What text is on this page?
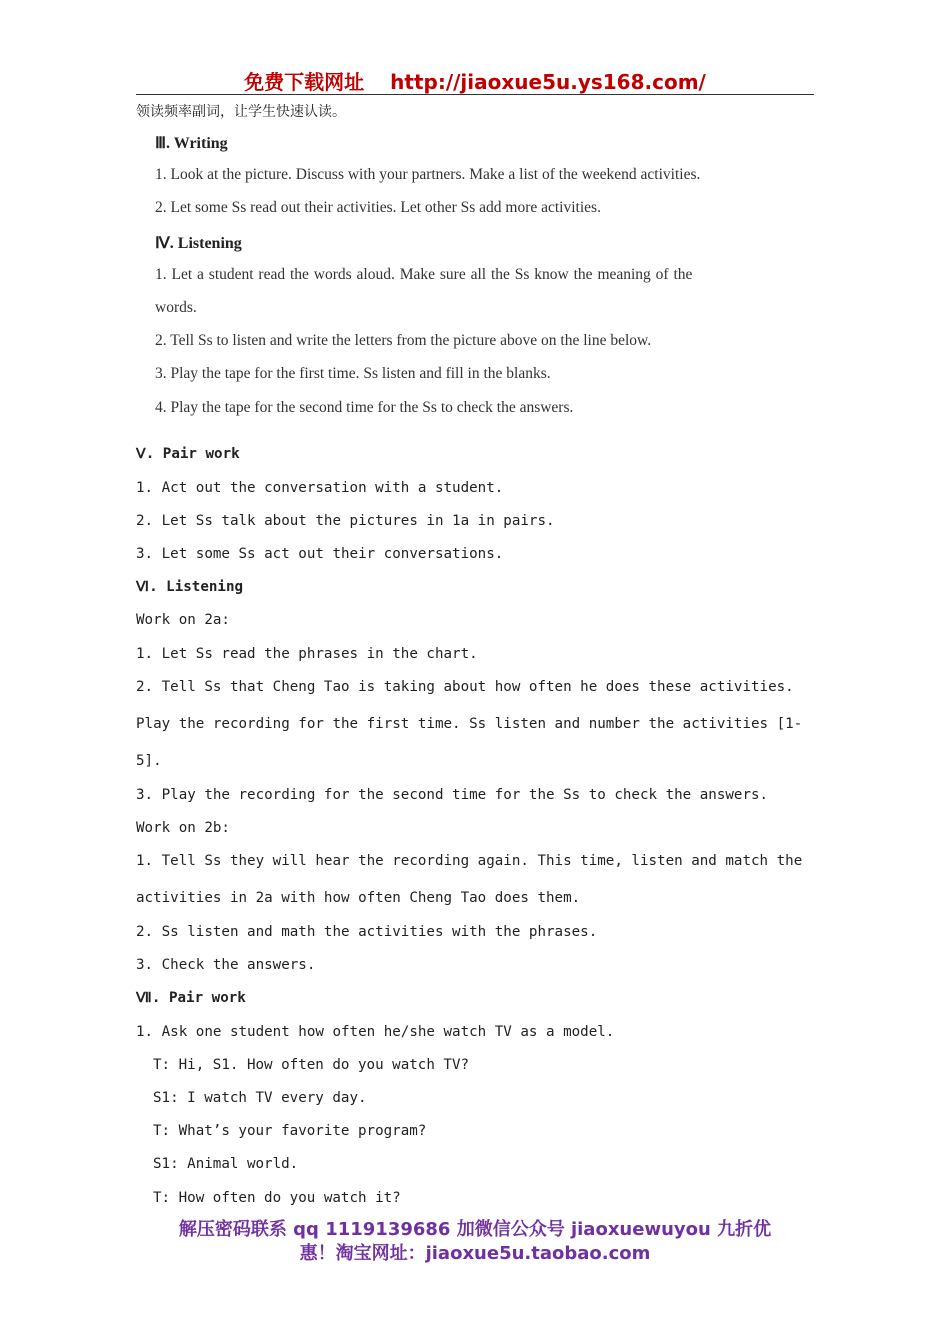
免费下载网址 http://jiaoxue5u.ys168.com/
领读频率副词，让学生快速认读。
Ⅲ. Writing
1. Look at the picture. Discuss with your partners. Make a list of the weekend activities.
2. Let some Ss read out their activities. Let other Ss add more activities.
Ⅳ. Listening
1. Let a student read the words aloud. Make sure all the Ss know the meaning of the
words.
2. Tell Ss to listen and write the letters from the picture above on the line below.
3. Play the tape for the first time. Ss listen and fill in the blanks.
4. Play the tape for the second time for the Ss to check the answers.
Ⅴ. Pair work
1. Act out the conversation with a student.
2. Let Ss talk about the pictures in 1a in pairs.
3. Let some Ss act out their conversations.
Ⅵ. Listening
Work on 2a:
1. Let Ss read the phrases in the chart.
2. Tell Ss that Cheng Tao is taking about how often he does these activities.
Play the recording for the first time. Ss listen and number the activities [1-
5].
3. Play the recording for the second time for the Ss to check the answers.
Work on 2b:
1. Tell Ss they will hear the recording again. This time, listen and match the
activities in 2a with how often Cheng Tao does them.
2. Ss listen and math the activities with the phrases.
3. Check the answers.
Ⅶ. Pair work
1. Ask one student how often he/she watch TV as a model.
T: Hi, S1. How often do you watch TV?
S1: I watch TV every day.
T: What’s your favorite program?
S1: Animal world.
T: How often do you watch it?
解压密码联系 qq 1119139686 加微信公众号 jiaoxuewuyou 九折优
惠！淘宝网址：jiaoxue5u.taobao.com
